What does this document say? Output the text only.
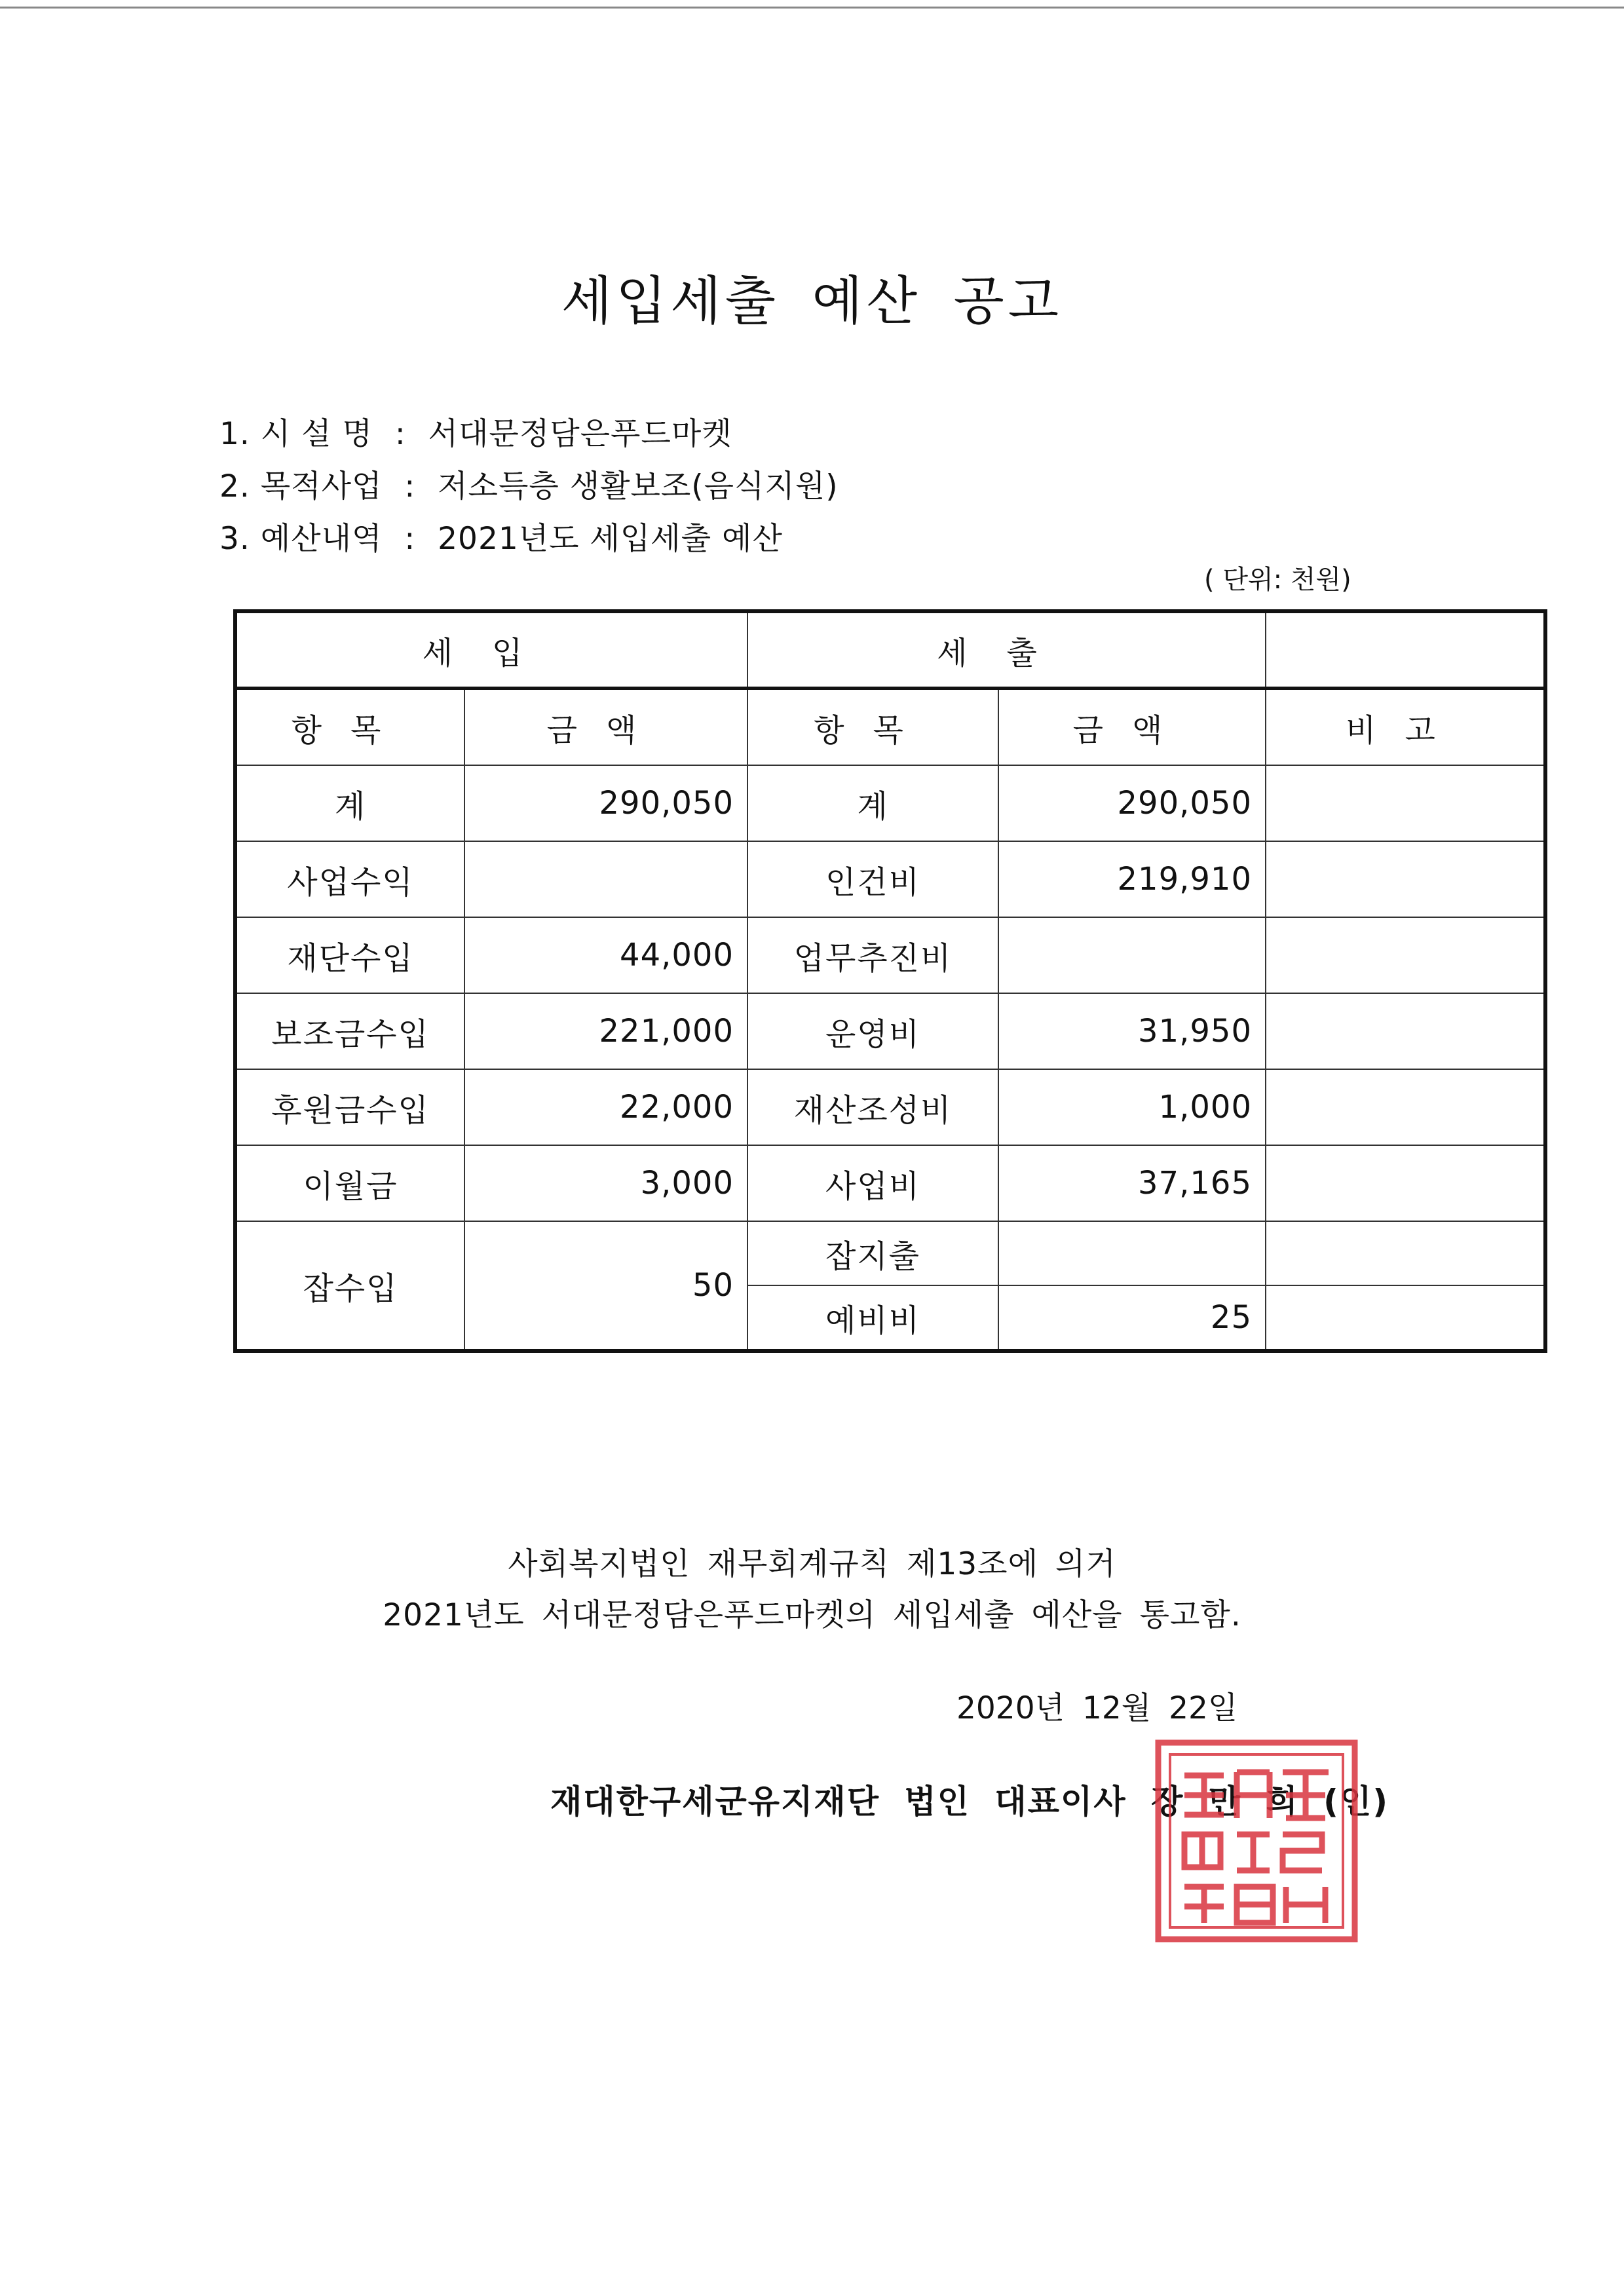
세입세출 예산 공고
1. 시 설 명 : 서대문정담은푸드마켓
2. 목적사업 : 저소득층 생활보조(음식지원)
3. 예산내역 : 2021년도 세입세출 예산
( 단위: 천원)
세입		세출		
항목	금액	항목	금액	비고
계	290,050	계	290,050	
사업수익		인건비	219,910	
재단수입	44,000	업무추진비		
보조금수입	221,000	운영비	31,950	
후원금수입	22,000	재산조성비	1,000	
이월금	3,000	사업비	37,165	
잡수입	50	잡지출		
		예비비	25	
사회복지법인 재무회계규칙 제13조에 의거
2021년도 서대문정담은푸드마켓의 세입세출 예산을 통고함.
2020년 12월 22일
재대한구세군유지재단 법인 대표이사 장 만 희 (인)
